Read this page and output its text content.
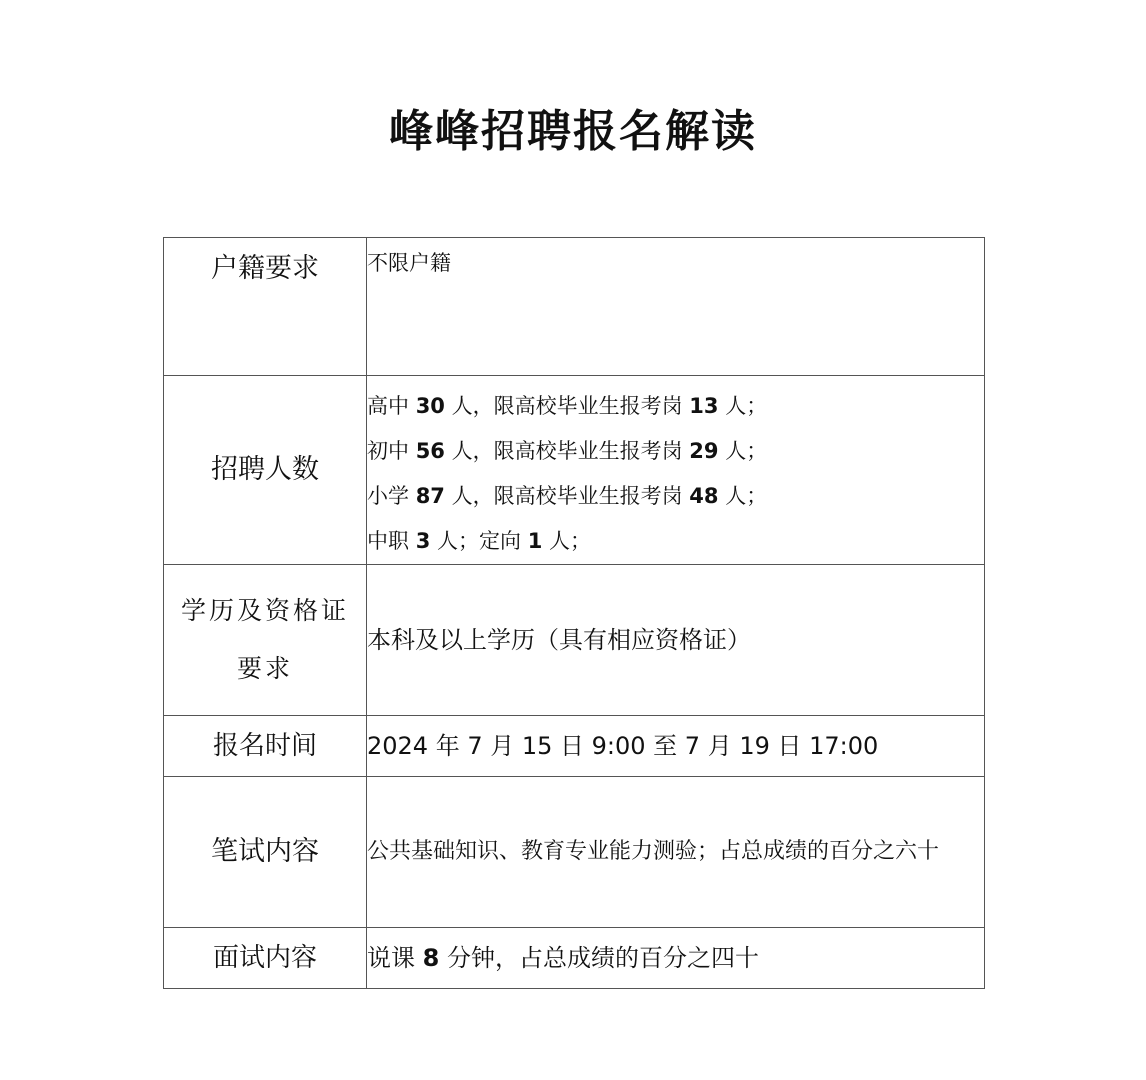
峰峰招聘报名解读
户籍要求	不限户籍
招聘人数	高中 30 人，限高校毕业生报考岗 13 人；
初中 56 人，限高校毕业生报考岗 29 人；
小学 87 人，限高校毕业生报考岗 48 人；
中职 3 人；定向 1 人；

学历及资格证
要求	本科及以上学历（具有相应资格证）
报名时间	2024 年 7 月 15 日 9:00 至 7 月 19 日 17:00
笔试内容	公共基础知识、教育专业能力测验；占总成绩的百分之六十
面试内容	说课 8 分钟，占总成绩的百分之四十
